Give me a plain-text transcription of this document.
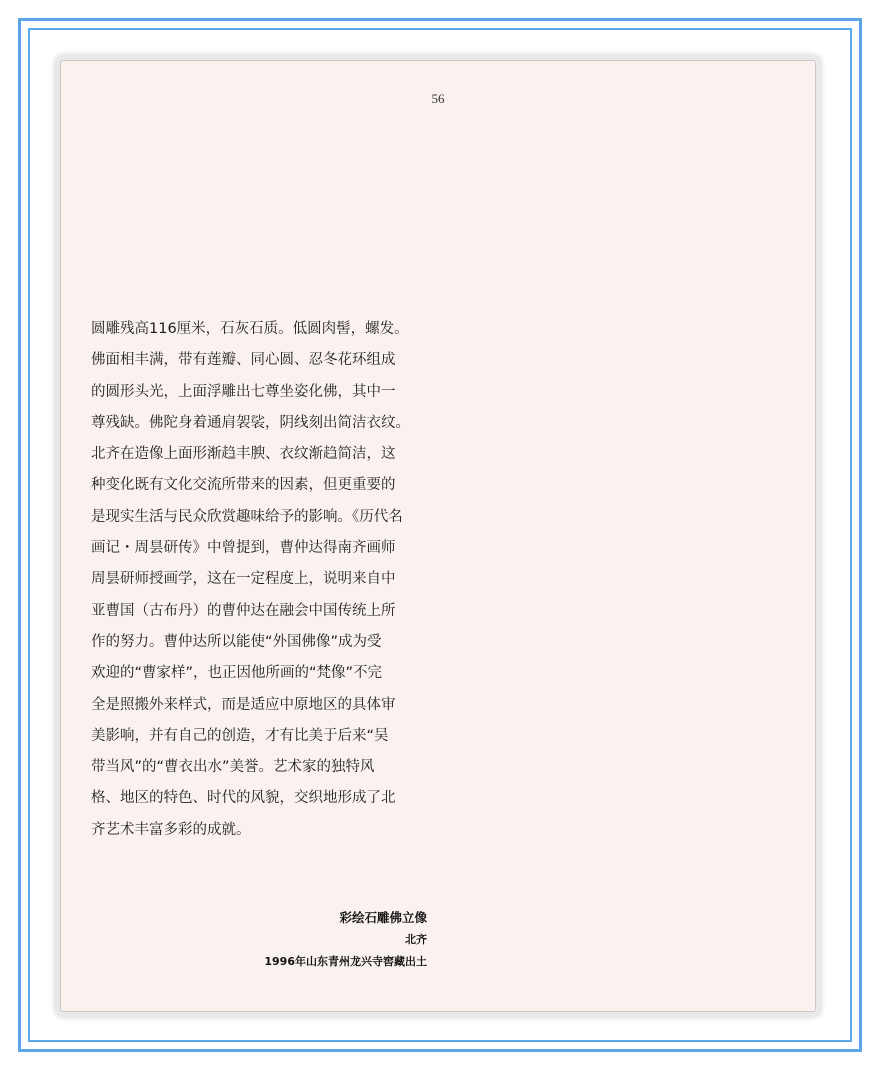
56

圆雕残高116厘米，石灰石质。低圆肉髻，螺发。
佛面相丰满，带有莲瓣、同心圆、忍冬花环组成
的圆形头光，上面浮雕出七尊坐姿化佛，其中一
尊残缺。佛陀身着通肩袈裟，阴线刻出简洁衣纹。
北齐在造像上面形渐趋丰腴、衣纹渐趋简洁，这
种变化既有文化交流所带来的因素，但更重要的
是现实生活与民众欣赏趣味给予的影响。《历代名
画记・周昙研传》中曾提到，曹仲达得南齐画师
周昙研师授画学，这在一定程度上，说明来自中
亚曹国（古布丹）的曹仲达在融会中国传统上所
作的努力。曹仲达所以能使“外国佛像”成为受
欢迎的“曹家样”，也正因他所画的“梵像”不完
全是照搬外来样式，而是适应中原地区的具体审
美影响，并有自己的创造，才有比美于后来“吴
带当风”的“曹衣出水”美誉。艺术家的独特风
格、地区的特色、时代的风貌，交织地形成了北
齐艺术丰富多彩的成就。

彩绘石雕佛立像
北齐
1996年山东青州龙兴寺窖藏出土
